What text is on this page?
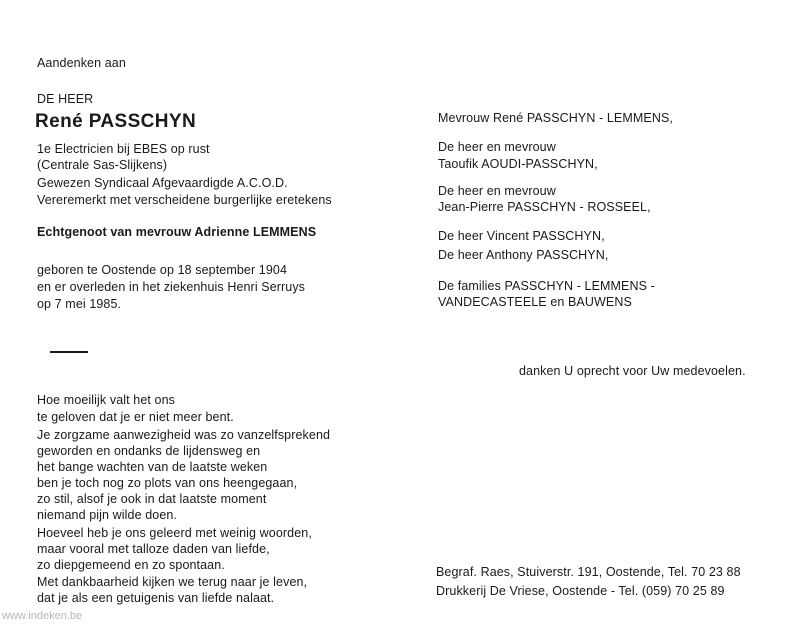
Aandenken aan
DE HEER
René PASSCHYN
1e Electricien bij EBES op rust
(Centrale Sas-Slijkens)
Gewezen Syndicaal Afgevaardigde A.C.O.D.
Vereremerkt met verscheidene burgerlijke eretekens
Echtgenoot van mevrouw Adrienne LEMMENS
geboren te Oostende op 18 september 1904
en er overleden in het ziekenhuis Henri Serruys
op 7 mei 1985.
Hoe moeilijk valt het ons
te geloven dat je er niet meer bent.
Je zorgzame aanwezigheid was zo vanzelfsprekend
geworden en ondanks de lijdensweg en
het bange wachten van de laatste weken
ben je toch nog zo plots van ons heengegaan,
zo stil, alsof je ook in dat laatste moment
niemand pijn wilde doen.
Hoeveel heb je ons geleerd met weinig woorden,
maar vooral met talloze daden van liefde,
zo diepgemeend en zo spontaan.
Met dankbaarheid kijken we terug naar je leven,
dat je als een getuigenis van liefde nalaat.
Mevrouw René PASSCHYN - LEMMENS,
De heer en mevrouw
Taoufik AOUDI-PASSCHYN,
De heer en mevrouw
Jean-Pierre PASSCHYN - ROSSEEL,
De heer Vincent PASSCHYN,
De heer Anthony PASSCHYN,
De families PASSCHYN - LEMMENS -
VANDECASTEELE en BAUWENS
danken U oprecht voor Uw medevoelen.
Begraf. Raes, Stuiverstr. 191, Oostende, Tel. 70 23 88
Drukkerij De Vriese, Oostende - Tel. (059) 70 25 89
www.indeken.be
